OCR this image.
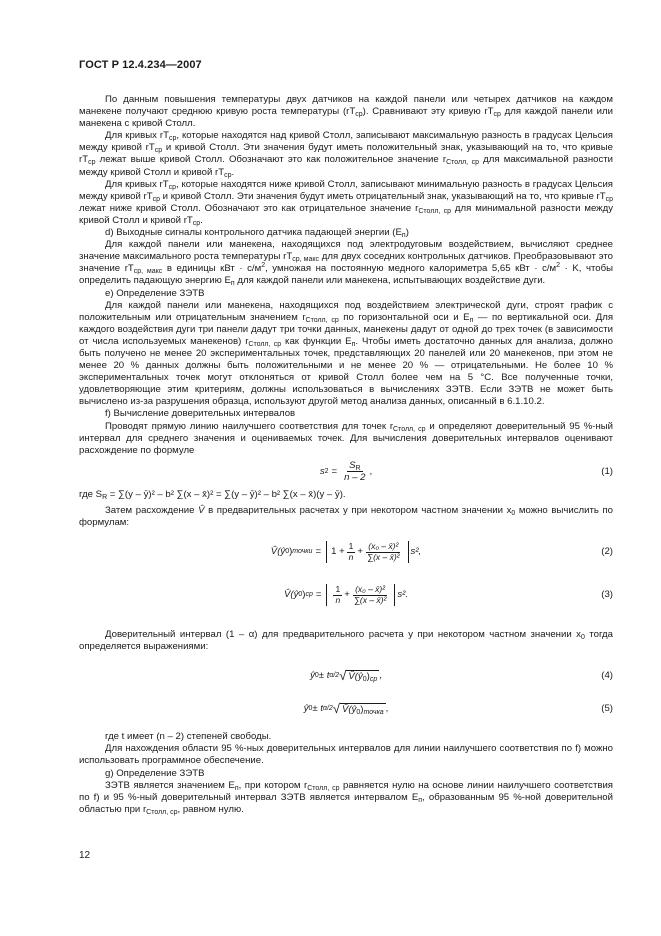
ГОСТ Р 12.4.234—2007

По данным повышения температуры двух датчиков на каждой панели или четырех датчиков на каждом манекене получают среднюю кривую роста температуры $(rT_{ср})$. Сравнивают эту кривую $rT_{ср}$ для каждой панели или манекена с кривой Столл.

Для кривых $rT_{ср}$, которые находятся над кривой Столл, записывают максимальную разность в градусах Цельсия между кривой $rT_{ср}$ и кривой Столл. Эти значения будут иметь положительный знак, указывающий на то, что кривые $rT_{ср}$ лежат выше кривой Столл. Обозначают это как положительное значение $r_{Столл, ср}$ для максимальной разности между кривой Столл и кривой $rT_{ср}$.

Для кривых $rT_{ср}$, которые находятся ниже кривой Столл, записывают минимальную разность в градусах Цельсия между кривой $rT_{ср}$ и кривой Столл. Эти значения будут иметь отрицательный знак, указывающий на то, что кривые $rT_{ср}$ лежат ниже кривой Столл. Обозначают это как отрицательное значение $r_{Столл, ср}$ для минимальной разности между кривой Столл и кривой $rT_{ср}$.

d) Выходные сигналы контрольного датчика падающей энергии $(E_п)$

Для каждой панели или манекена, находящихся под электродуговым воздействием, вычисляют среднее значение максимального роста температуры $rT_{ср, макс}$ для двух соседних контрольных датчиков. Преобразовывают это значение $rT_{ср, макс}$ в единицы кВт · $с/м^2$, умножая на постоянную медного калориметра 5,65 кВт · $с/м^2 \cdot K$, чтобы определить падающую энергию $E_п$ для каждой панели или манекена, испытывающих воздействие дуги.

e) Определение ЗЭТВ

Для каждой панели или манекена, находящихся под воздействием электрической дуги, строят график с положительным или отрицательным значением $r_{Столл, ср}$ по горизонтальной оси и $E_п$ — по вертикальной оси. Для каждого воздействия дуги три панели дадут три точки данных, манекены дадут от одной до трех точек (в зависимости от числа используемых манекенов) $r_{Столл, ср}$ как функции $E_п$. Чтобы иметь достаточно данных для анализа, должно быть получено не менее 20 экспериментальных точек, представляющих 20 панелей или 20 манекенов, при этом не менее 20 % данных должны быть положительными и не менее 20 % — отрицательными. Не более 10 % экспериментальных точек могут отклоняться от кривой Столл более чем на 5 °С. Все полученные точки, удовлетворяющие этим критериям, должны использоваться в вычислениях ЗЭТВ. Если ЗЭТВ не может быть вычислено из-за разрушения образца, используют другой метод анализа данных, описанный в 6.1.10.2.

f) Вычисление доверительных интервалов

Проводят прямую линию наилучшего соответствия для точек $r_{Столл, ср}$ и определяют доверительный 95 %-ный интервал для среднего значения и оцениваемых точек. Для вычисления доверительных интервалов оценивают расхождение по формуле

s $2 = \frac{S_R}{n - 2}$ ,	(1)

где $S_R = \sum(y$ – ȳ)² – b² ∑(x – x̄)² = ∑(y – ȳ)² – b² ∑(x – x̄)(y – ȳ).

Затем расхождение V̂ в предварительных расчетах y при некотором частном значении $x_0$ можно вычислить по формулам:

V̂(ŷ 0 ) точки = $1 + \frac{1}{n} + \frac{\text{(x₀ – x̄)²}}{\text{∑(x – x̄)²}} s^2$,	(2)
V̂(ŷ 0 ) ср = $\frac{1}{n} + \frac{\text{(x₀ – x̄)²}}{\text{∑(x – x̄)²}} s^2$.	(3)

Доверительный интервал (1 – α) для предварительного расчета y при некотором частном значении $x_0$ тогда определяется выражениями:

ŷ 0 ± t α/2 √ $V̂(ŷ_0)_{ср}$ ,	(4)
ŷ 0 ± t α/2 √ $V̂(ŷ_0)_{точка}$ ,	(5)

где t имеет (n – 2) степеней свободы.

Для нахождения области 95 %-ных доверительных интервалов для линии наилучшего соответствия по f) можно использовать программное обеспечение.

g) Определение ЗЭТВ

ЗЭТВ является значением $E_п$, при котором $r_{Столл, ср}$ равняется нулю на основе линии наилучшего соответствия по f) и 95 %-ный доверительный интервал ЗЭТВ является интервалом $E_п$, образованным 95 %-ной доверительной областью при $r_{Столл, ср}$, равном нулю.

12
